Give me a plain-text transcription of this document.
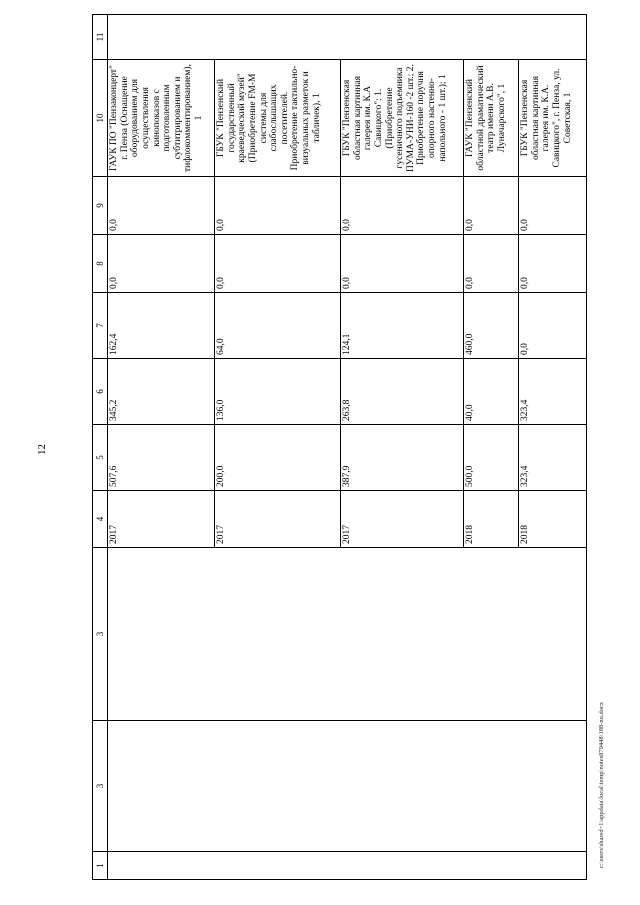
12
1	3	3	4	5	6	7	8	9	10	11
			2017	507,6	345,2	162,4	0,0	0,0	ГАУК ПО "Пензаконцерт" г. Пенза (Оснащение оборудованием для осуществления кинопоказов с подготовленным субтитрированием и тифлокомментированием), 1	
			2017	200,0	136,0	64,0	0,0	0,0	ГБУК "Пензенский государственный краеведческий музей" (Приобретение FM-M системы для слабослышащих посетителей. Приобретение тактильно-визуальных разметок и табличек), 1	
			2017	387,9	263,8	124,1	0,0	0,0	ГБУК "Пензенская областная картинная галерея им. К.А Савицкого": 1. (Приобретение гусеничного подъемника ПУМА-УНИ-160 -2 шт.; 2. Приобретение поручня опорного настенно-напольного - 1 шт.); 1	
			2018	500,0	40,0	460,0	0,0	0,0	ГАУК "Пензенский областной драматический театр имени А.В. Луначарского", 1	
			2018	323,4	323,4	0,0	0,0	0,0	ГБУК "Пензенская областная картинная галерея им. К.А. Савицкого", г. Пенза, ул. Советская, 1	
c:\users\shared~1\appdata\local\temp\notes879448\188-nu.docx
